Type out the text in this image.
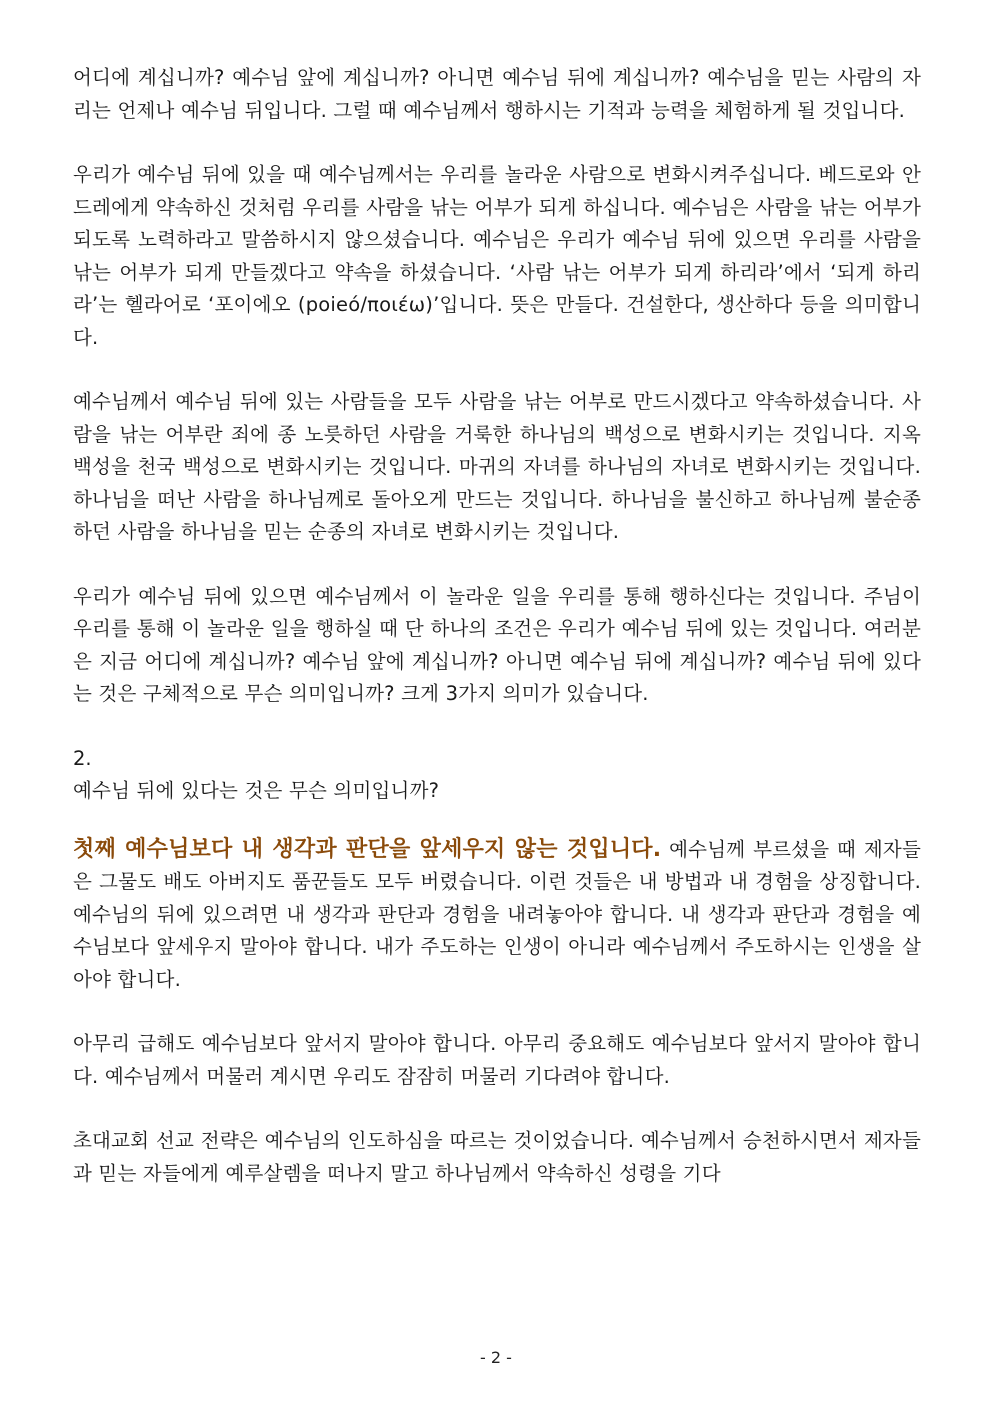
어디에 계십니까? 예수님 앞에 계십니까? 아니면 예수님 뒤에 계십니까? 예수님을 믿는 사람의 자리는 언제나 예수님 뒤입니다. 그럴 때 예수님께서 행하시는 기적과 능력을 체험하게 될 것입니다.

우리가 예수님 뒤에 있을 때 예수님께서는 우리를 놀라운 사람으로 변화시켜주십니다. 베드로와 안드레에게 약속하신 것처럼 우리를 사람을 낚는 어부가 되게 하십니다. 예수님은 사람을 낚는 어부가 되도록 노력하라고 말씀하시지 않으셨습니다. 예수님은 우리가 예수님 뒤에 있으면 우리를 사람을 낚는 어부가 되게 만들겠다고 약속을 하셨습니다. ‘사람 낚는 어부가 되게 하리라’에서 ‘되게 하리라’는 헬라어로 ‘포이에오 (poieó/ποιέω)’입니다. 뜻은 만들다. 건설한다, 생산하다 등을 의미합니다.

예수님께서 예수님 뒤에 있는 사람들을 모두 사람을 낚는 어부로 만드시겠다고 약속하셨습니다. 사람을 낚는 어부란 죄에 종 노릇하던 사람을 거룩한 하나님의 백성으로 변화시키는 것입니다. 지옥 백성을 천국 백성으로 변화시키는 것입니다. 마귀의 자녀를 하나님의 자녀로 변화시키는 것입니다. 하나님을 떠난 사람을 하나님께로 돌아오게 만드는 것입니다. 하나님을 불신하고 하나님께 불순종하던 사람을 하나님을 믿는 순종의 자녀로 변화시키는 것입니다.

우리가 예수님 뒤에 있으면 예수님께서 이 놀라운 일을 우리를 통해 행하신다는 것입니다. 주님이 우리를 통해 이 놀라운 일을 행하실 때 단 하나의 조건은 우리가 예수님 뒤에 있는 것입니다. 여러분은 지금 어디에 계십니까? 예수님 앞에 계십니까? 아니면 예수님 뒤에 계십니까? 예수님 뒤에 있다는 것은 구체적으로 무슨 의미입니까? 크게 3가지 의미가 있습니다.

2.

예수님 뒤에 있다는 것은 무슨 의미입니까?

첫째 예수님보다 내 생각과 판단을 앞세우지 않는 것입니다. 예수님께 부르셨을 때 제자들은 그물도 배도 아버지도 품꾼들도 모두 버렸습니다. 이런 것들은 내 방법과 내 경험을 상징합니다. 예수님의 뒤에 있으려면 내 생각과 판단과 경험을 내려놓아야 합니다. 내 생각과 판단과 경험을 예수님보다 앞세우지 말아야 합니다. 내가 주도하는 인생이 아니라 예수님께서 주도하시는 인생을 살아야 합니다.

아무리 급해도 예수님보다 앞서지 말아야 합니다. 아무리 중요해도 예수님보다 앞서지 말아야 합니다. 예수님께서 머물러 계시면 우리도 잠잠히 머물러 기다려야 합니다.

초대교회 선교 전략은 예수님의 인도하심을 따르는 것이었습니다. 예수님께서 승천하시면서 제자들과 믿는 자들에게 예루살렘을 떠나지 말고 하나님께서 약속하신 성령을 기다

- 2 -
